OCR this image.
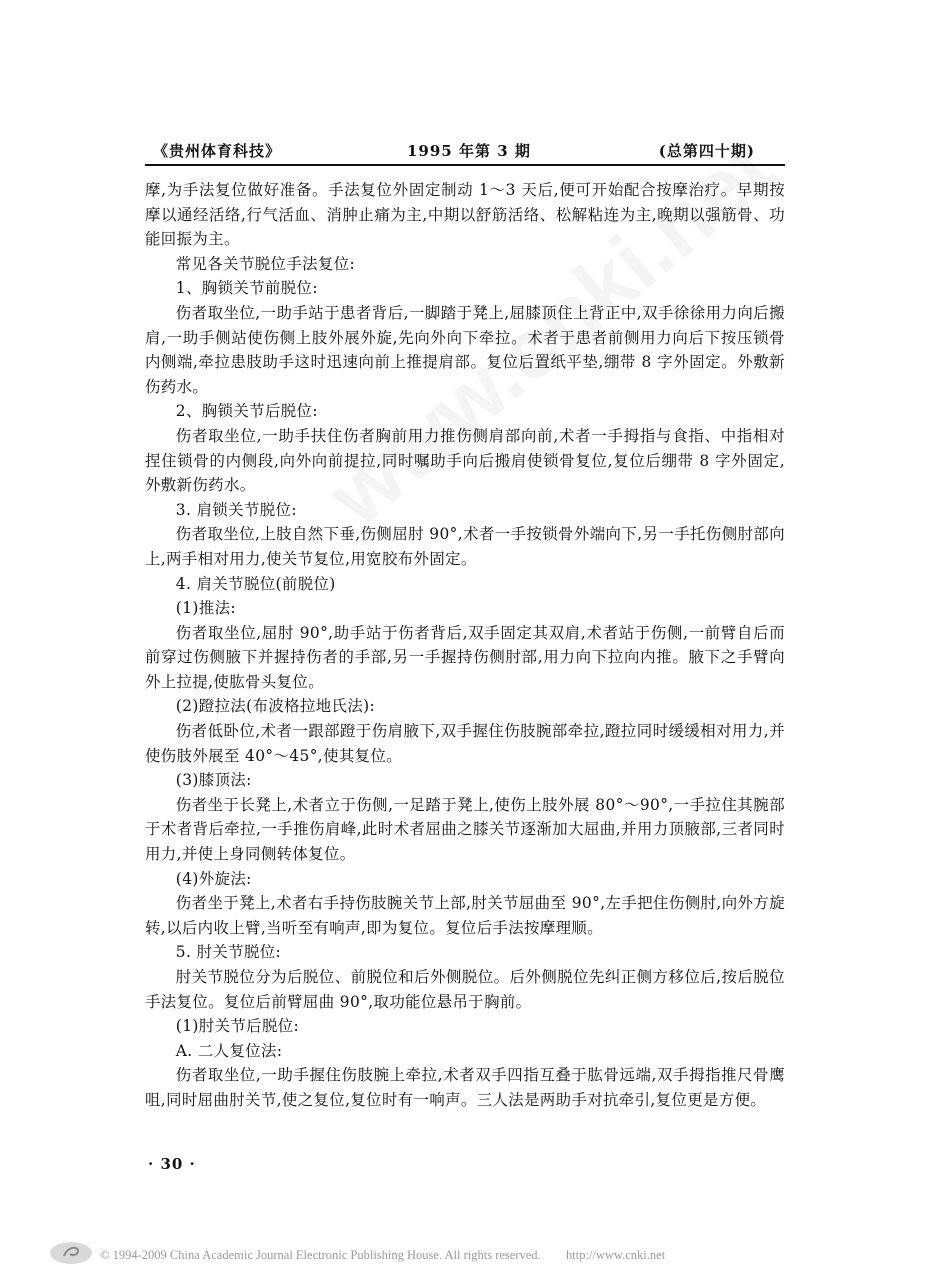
《贵州体育科技》	1995 年第 3 期	(总第四十期)

摩,为手法复位做好准备。手法复位外固定制动 1～3 天后,便可开始配合按摩治疗。早期按摩以通经活络,行气活血、消肿止痛为主,中期以舒筋活络、松解粘连为主,晚期以强筋骨、功能回振为主。

常见各关节脱位手法复位:

1、胸锁关节前脱位:

伤者取坐位,一助手站于患者背后,一脚踏于凳上,屈膝顶住上背正中,双手徐徐用力向后搬肩,一助手侧站使伤侧上肢外展外旋,先向外向下牵拉。术者于患者前侧用力向后下按压锁骨内侧端,牵拉患肢助手这时迅速向前上推提肩部。复位后置纸平垫,绷带 8 字外固定。外敷新伤药水。

2、胸锁关节后脱位:

伤者取坐位,一助手扶住伤者胸前用力推伤侧肩部向前,术者一手拇指与食指、中指相对捏住锁骨的内侧段,向外向前提拉,同时嘱助手向后搬肩使锁骨复位,复位后绷带 8 字外固定,外敷新伤药水。

3. 肩锁关节脱位:

伤者取坐位,上肢自然下垂,伤侧屈肘 90°,术者一手按锁骨外端向下,另一手托伤侧肘部向上,两手相对用力,使关节复位,用宽胶布外固定。

4. 肩关节脱位(前脱位)

(1)推法:

伤者取坐位,屈肘 90°,助手站于伤者背后,双手固定其双肩,术者站于伤侧,一前臂自后而前穿过伤侧腋下并握持伤者的手部,另一手握持伤侧肘部,用力向下拉向内推。腋下之手臂向外上拉提,使肱骨头复位。

(2)蹬拉法(布波格拉地氏法):

伤者低卧位,术者一跟部蹬于伤肩腋下,双手握住伤肢腕部牵拉,蹬拉同时缓缓相对用力,并使伤肢外展至 40°～45°,使其复位。

(3)膝顶法:

伤者坐于长凳上,术者立于伤侧,一足踏于凳上,使伤上肢外展 80°～90°,一手拉住其腕部于术者背后牵拉,一手推伤肩峰,此时术者屈曲之膝关节逐渐加大屈曲,并用力顶腋部,三者同时用力,并使上身同侧转体复位。

(4)外旋法:

伤者坐于凳上,术者右手持伤肢腕关节上部,肘关节屈曲至 90°,左手把住伤侧肘,向外方旋转,以后内收上臂,当听至有响声,即为复位。复位后手法按摩理顺。

5. 肘关节脱位:

肘关节脱位分为后脱位、前脱位和后外侧脱位。后外侧脱位先纠正侧方移位后,按后脱位手法复位。复位后前臂屈曲 90°,取功能位悬吊于胸前。

(1)肘关节后脱位:

A. 二人复位法:

伤者取坐位,一助手握住伤肢腕上牵拉,术者双手四指互叠于肱骨远端,双手拇指推尺骨鹰咀,同时屈曲肘关节,使之复位,复位时有一响声。三人法是两助手对抗牵引,复位更是方便。

· 30 ·
© 1994-2009 China Academic Journal Electronic Publishing House. All rights reserved. http://www.cnki.net
